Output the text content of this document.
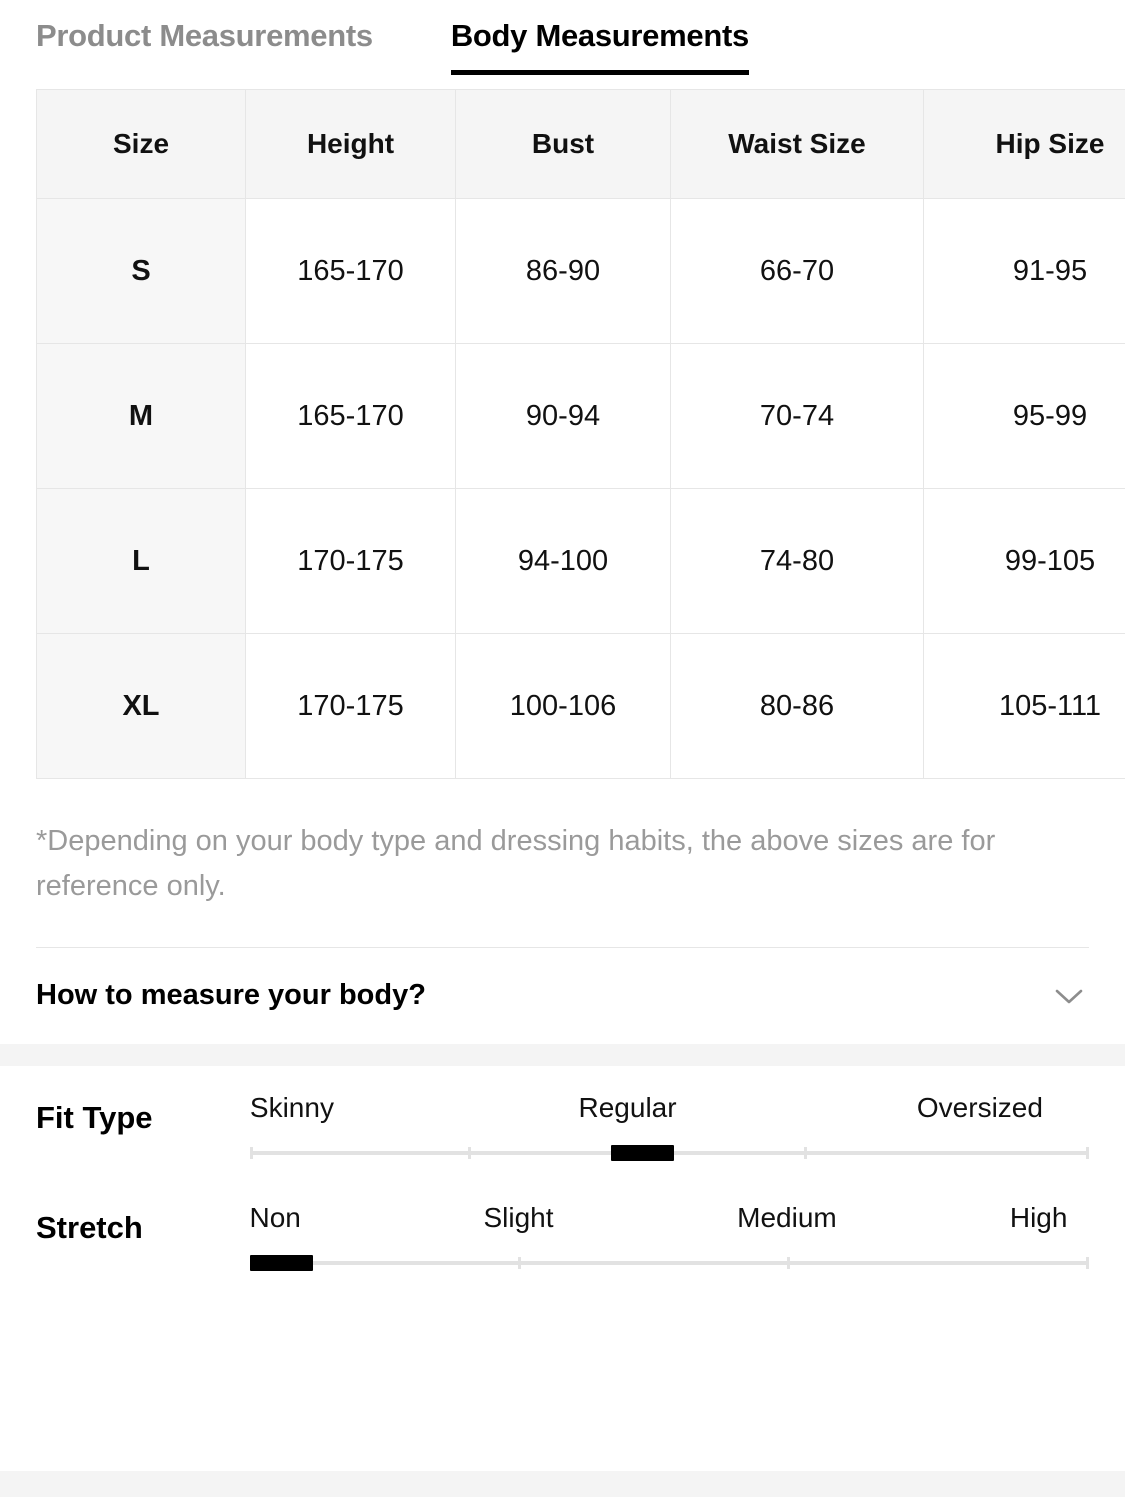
Product Measurements	Body Measurements
Size	Height	Bust	Waist Size	Hip Size
S	165-170	86-90	66-70	91-95
M	165-170	90-94	70-74	95-99
L	170-175	94-100	74-80	99-105
XL	170-175	100-106	80-86	105-111
*Depending on your body type and dressing habits, the above sizes are for reference only.
How to measure your body?
Fit Type	Skinny	Regular	Oversized
Stretch	Non	Slight	Medium	High
